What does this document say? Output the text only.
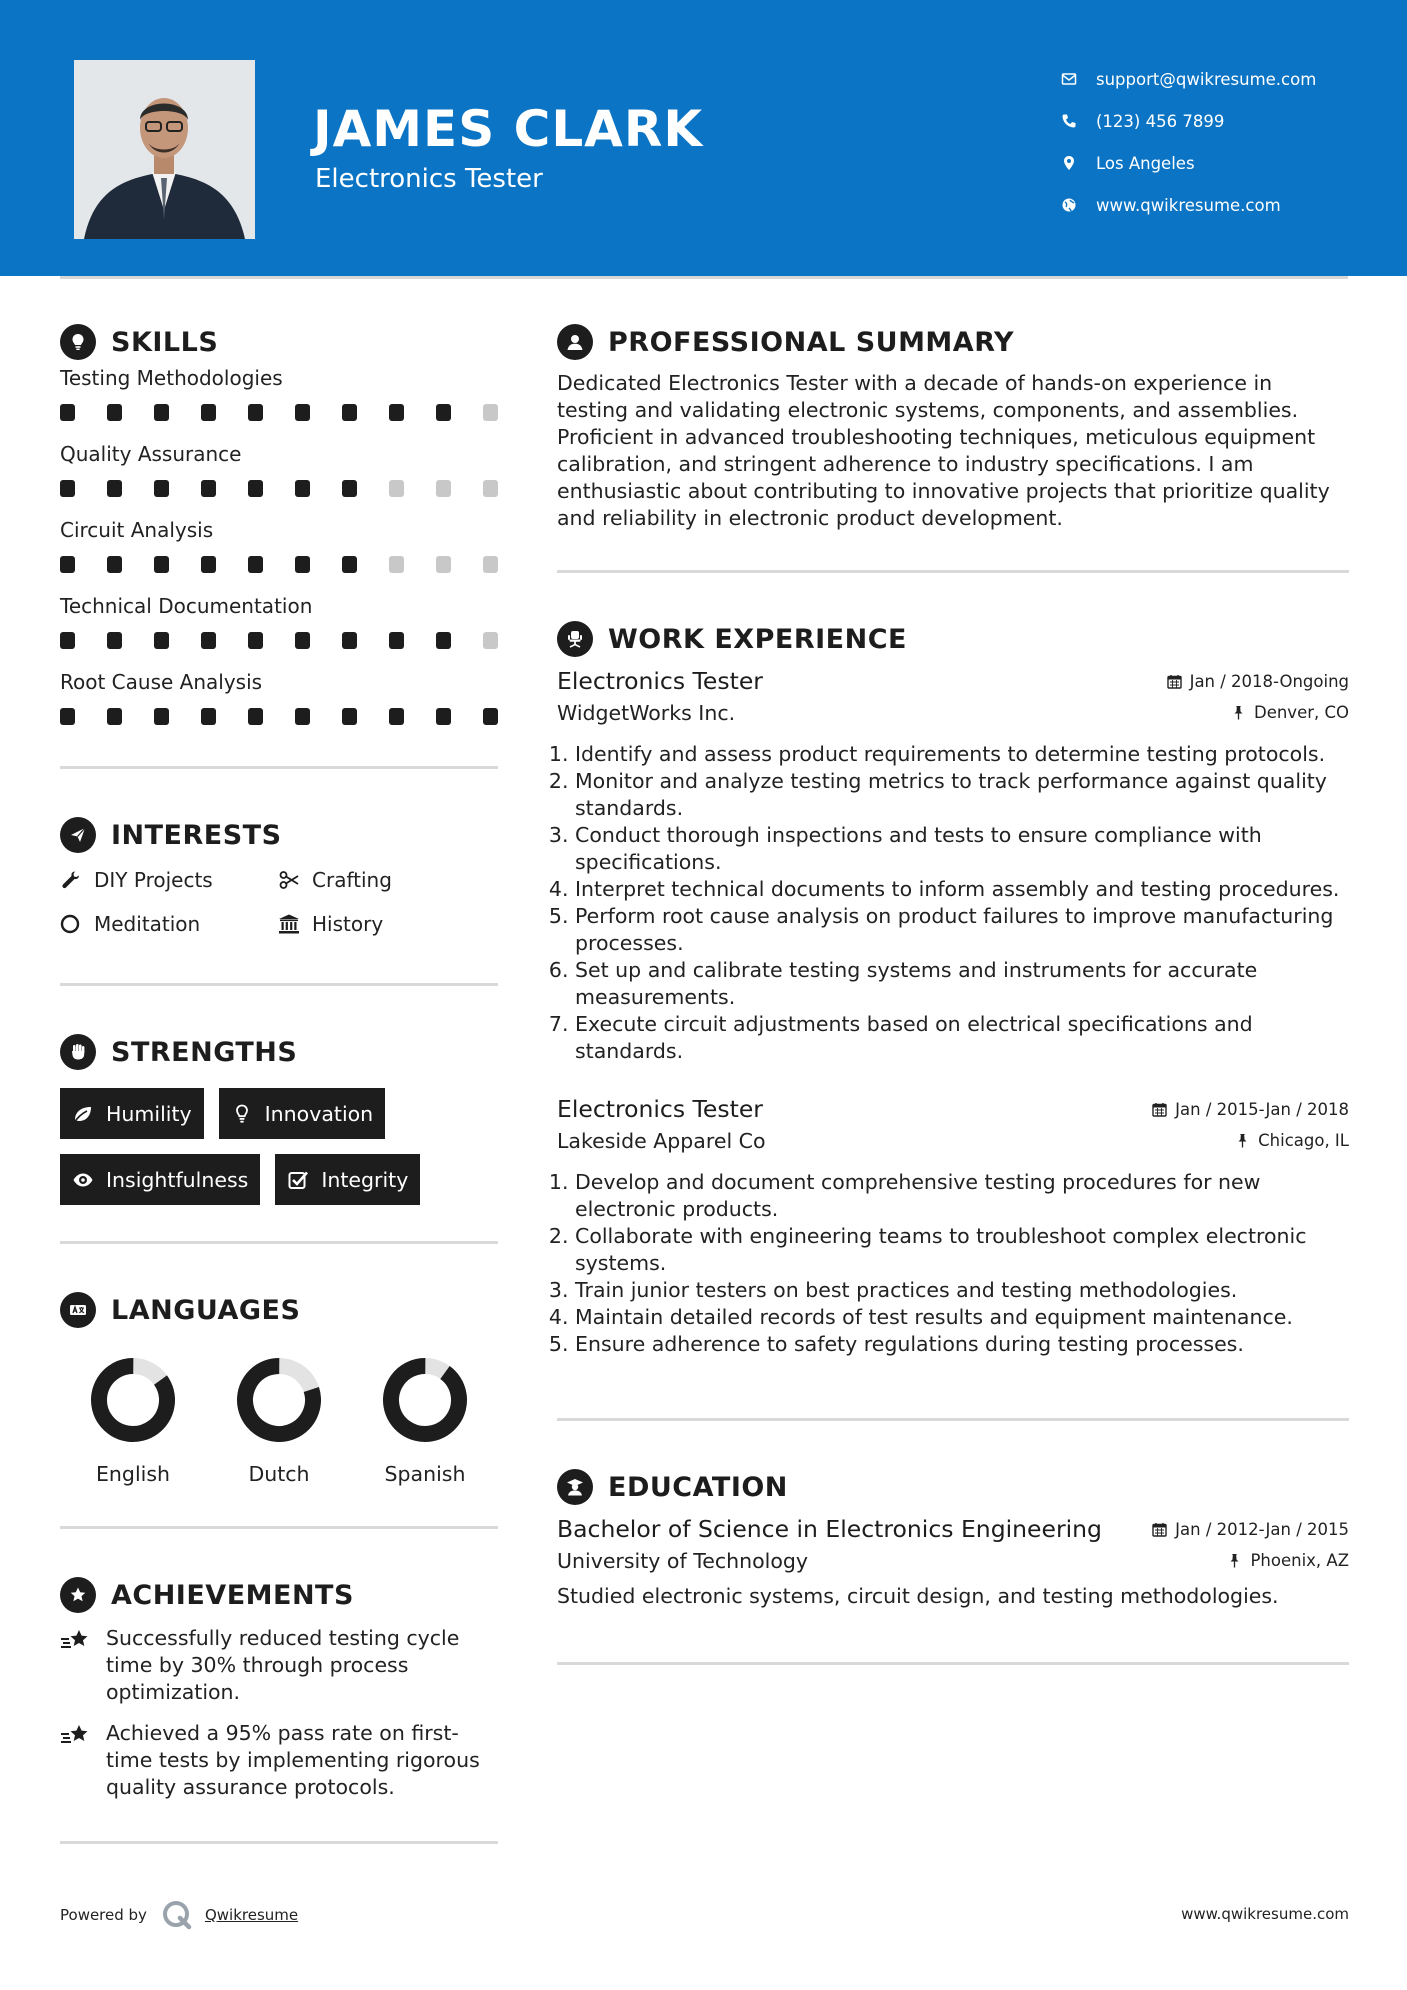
JAMES CLARK
Electronics Tester
support@qwikresume.com
(123) 456 7899
Los Angeles
www.qwikresume.com
SKILLS
Testing Methodologies
Quality Assurance
Circuit Analysis
Technical Documentation
Root Cause Analysis
INTERESTS
DIY Projects	Crafting
Meditation	History
STRENGTHS
Humility	Innovation
Insightfulness	Integrity
LANGUAGES
English	Dutch	Spanish
ACHIEVEMENTS
Successfully reduced testing cycle time by 30% through process optimization.
Achieved a 95% pass rate on first-time tests by implementing rigorous quality assurance protocols.
PROFESSIONAL SUMMARY
Dedicated Electronics Tester with a decade of hands-on experience in testing and validating electronic systems, components, and assemblies. Proficient in advanced troubleshooting techniques, meticulous equipment calibration, and stringent adherence to industry specifications. I am enthusiastic about contributing to innovative projects that prioritize quality and reliability in electronic product development.
WORK EXPERIENCE
Electronics Tester	Jan / 2018-Ongoing
WidgetWorks Inc.	Denver, CO
1. Identify and assess product requirements to determine testing protocols.
2. Monitor and analyze testing metrics to track performance against quality standards.
3. Conduct thorough inspections and tests to ensure compliance with specifications.
4. Interpret technical documents to inform assembly and testing procedures.
5. Perform root cause analysis on product failures to improve manufacturing processes.
6. Set up and calibrate testing systems and instruments for accurate measurements.
7. Execute circuit adjustments based on electrical specifications and standards.
Electronics Tester	Jan / 2015-Jan / 2018
Lakeside Apparel Co	Chicago, IL
1. Develop and document comprehensive testing procedures for new electronic products.
2. Collaborate with engineering teams to troubleshoot complex electronic systems.
3. Train junior testers on best practices and testing methodologies.
4. Maintain detailed records of test results and equipment maintenance.
5. Ensure adherence to safety regulations during testing processes.
EDUCATION
Bachelor of Science in Electronics Engineering	Jan / 2012-Jan / 2015
University of Technology	Phoenix, AZ
Studied electronic systems, circuit design, and testing methodologies.
Powered by	Qwikresume	www.qwikresume.com
